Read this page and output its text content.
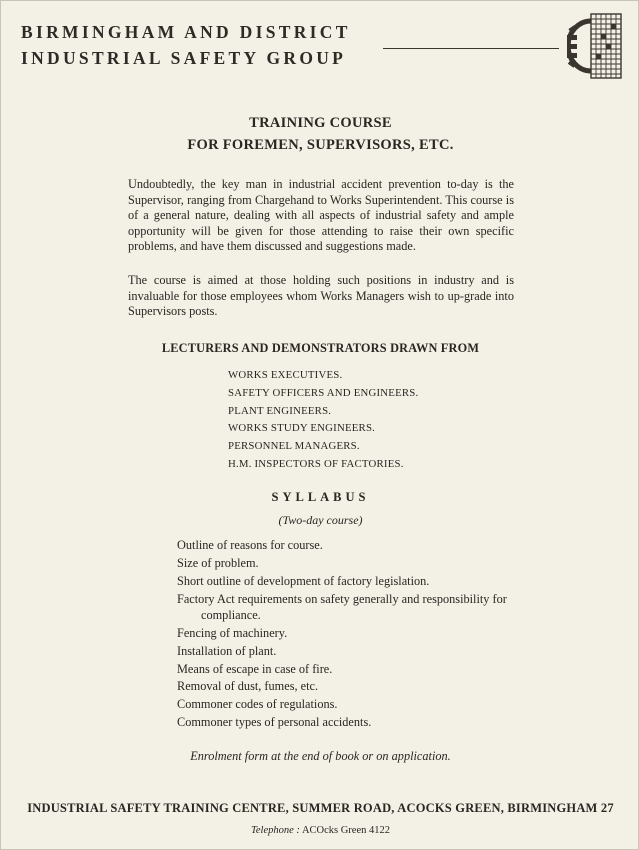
BIRMINGHAM AND DISTRICT
INDUSTRIAL SAFETY GROUP
TRAINING COURSE
FOR FOREMEN, SUPERVISORS, ETC.

Undoubtedly, the key man in industrial accident prevention to-day is the Supervisor, ranging from Chargehand to Works Superintendent. This course is of a general nature, dealing with all aspects of industrial safety and ample opportunity will be given for those attending to raise their own specific problems, and have them discussed and suggestions made.

The course is aimed at those holding such positions in industry and is invaluable for those employees whom Works Managers wish to up-grade into Supervisors posts.

LECTURERS AND DEMONSTRATORS DRAWN FROM
WORKS EXECUTIVES.
SAFETY OFFICERS AND ENGINEERS.
PLANT ENGINEERS.
WORKS STUDY ENGINEERS.
PERSONNEL MANAGERS.
H.M. INSPECTORS OF FACTORIES.
SYLLABUS
(Two-day course)
Outline of reasons for course.
Size of problem.
Short outline of development of factory legislation.
Factory Act requirements on safety generally and responsibility for compliance.
Fencing of machinery.
Installation of plant.
Means of escape in case of fire.
Removal of dust, fumes, etc.
Commoner codes of regulations.
Commoner types of personal accidents.
Enrolment form at the end of book or on application.
INDUSTRIAL SAFETY TRAINING CENTRE, SUMMER ROAD, ACOCKS GREEN, BIRMINGHAM 27
Telephone : ACOcks Green 4122
